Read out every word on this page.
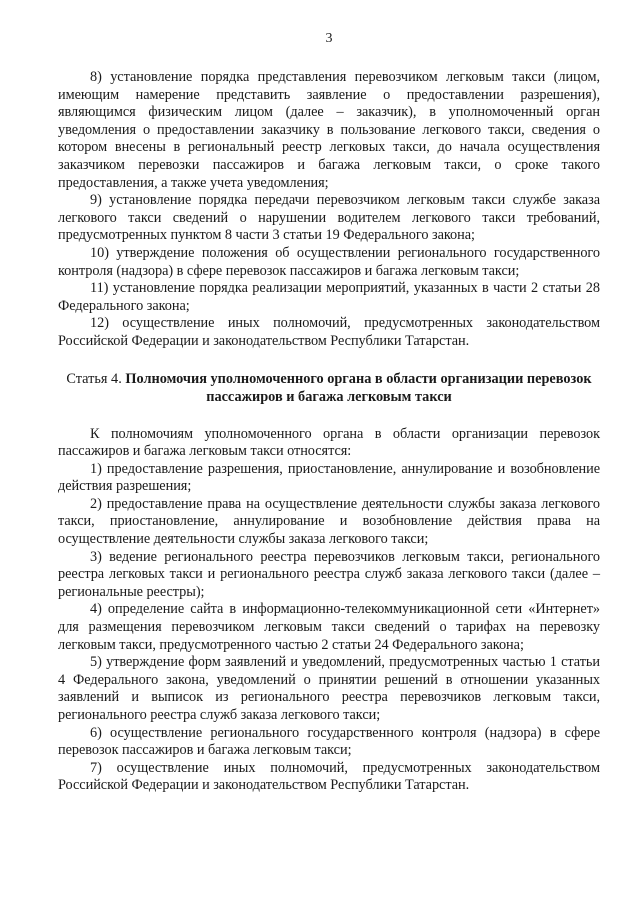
3

8) установление порядка представления перевозчиком легковым такси (лицом, имеющим намерение представить заявление о предоставлении разрешения), являющимся физическим лицом (далее – заказчик), в уполномоченный орган уведомления о предоставлении заказчику в пользование легкового такси, сведения о котором внесены в региональный реестр легковых такси, до начала осуществления заказчиком перевозки пассажиров и багажа легковым такси, о сроке такого предоставления, а также учета уведомления;

9) установление порядка передачи перевозчиком легковым такси службе заказа легкового такси сведений о нарушении водителем легкового такси требований, предусмотренных пунктом 8 части 3 статьи 19 Федерального закона;

10) утверждение положения об осуществлении регионального государственного контроля (надзора) в сфере перевозок пассажиров и багажа легковым такси;

11) установление порядка реализации мероприятий, указанных в части 2 статьи 28 Федерального закона;

12) осуществление иных полномочий, предусмотренных законодательством Российской Федерации и законодательством Республики Татарстан.

Статья 4. Полномочия уполномоченного органа в области организации перевозок пассажиров и багажа легковым такси

К полномочиям уполномоченного органа в области организации перевозок пассажиров и багажа легковым такси относятся:

1) предоставление разрешения, приостановление, аннулирование и возобновление действия разрешения;

2) предоставление права на осуществление деятельности службы заказа легкового такси, приостановление, аннулирование и возобновление действия права на осуществление деятельности службы заказа легкового такси;

3) ведение регионального реестра перевозчиков легковым такси, регионального реестра легковых такси и регионального реестра служб заказа легкового такси (далее – региональные реестры);

4) определение сайта в информационно-телекоммуникационной сети «Интернет» для размещения перевозчиком легковым такси сведений о тарифах на перевозку легковым такси, предусмотренного частью 2 статьи 24 Федерального закона;

5) утверждение форм заявлений и уведомлений, предусмотренных частью 1 статьи 4 Федерального закона, уведомлений о принятии решений в отношении указанных заявлений и выписок из регионального реестра перевозчиков легковым такси, регионального реестра служб заказа легкового такси;

6) осуществление регионального государственного контроля (надзора) в сфере перевозок пассажиров и багажа легковым такси;

7) осуществление иных полномочий, предусмотренных законодательством Российской Федерации и законодательством Республики Татарстан.
